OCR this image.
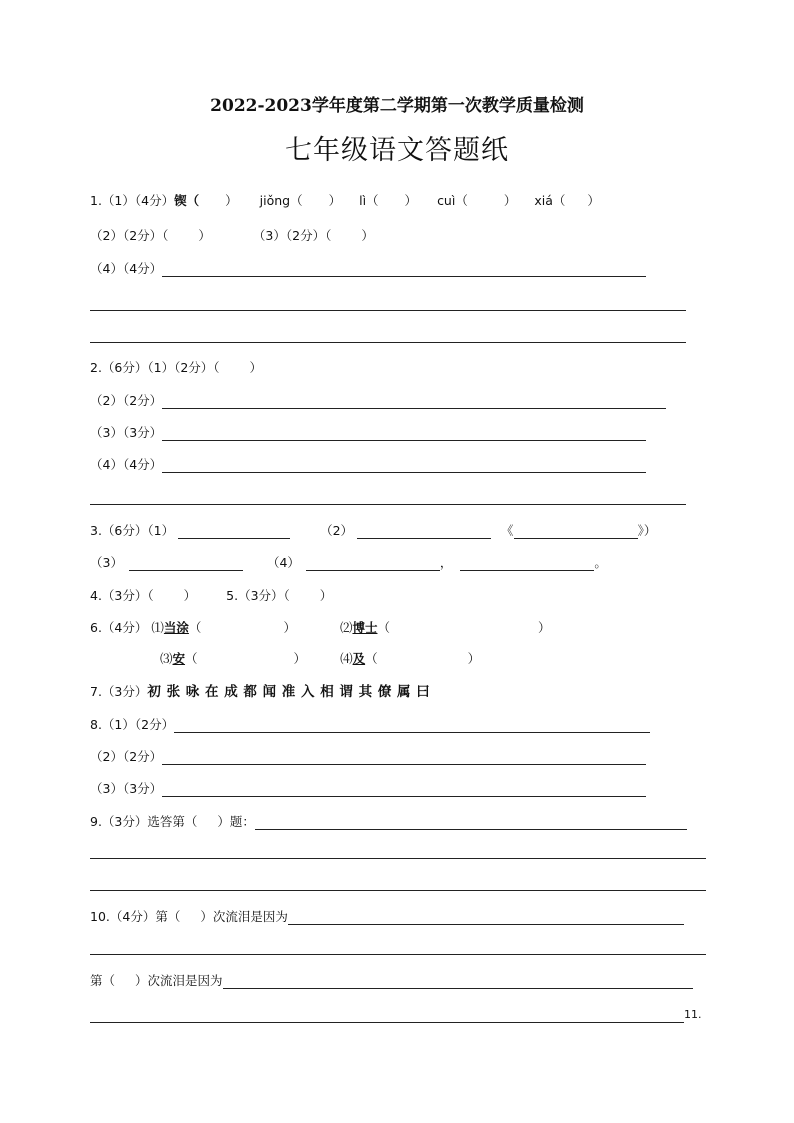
2022-2023学年度第二学期第一次教学质量检测
七年级语文答题纸
1.（1）（4分） 锲（ ） jiǒng（ ） lì（ ） cuì（	） xiá（ ）
（2）（2分）（ ）	（3）（2分）（ ）
（4）（4分）
2.（6分）（1）（2分）（ ）
（2）（2分）
（3）（3分）
（4）（4分）
3.（6分）（1）	（2）	《	》）
（3）	（4）	，	。
4.（3分）（ ） 5.（3分）（ ）
6.（4分） ⑴ 当涂 （	）	⑵ 博士 （	）
⑶ 安 （	）	⑷ 及 （	）
7.（3分） 初 张 咏 在 成 都 闻 准 入 相 谓 其 僚 属 曰
8.（1）（2分）
（2）（2分）
（3）（3分）
9.（3分）选答第（ ）题：
10.（4分）第（ ）次流泪是因为
第（ ）次流泪是因为
11.
